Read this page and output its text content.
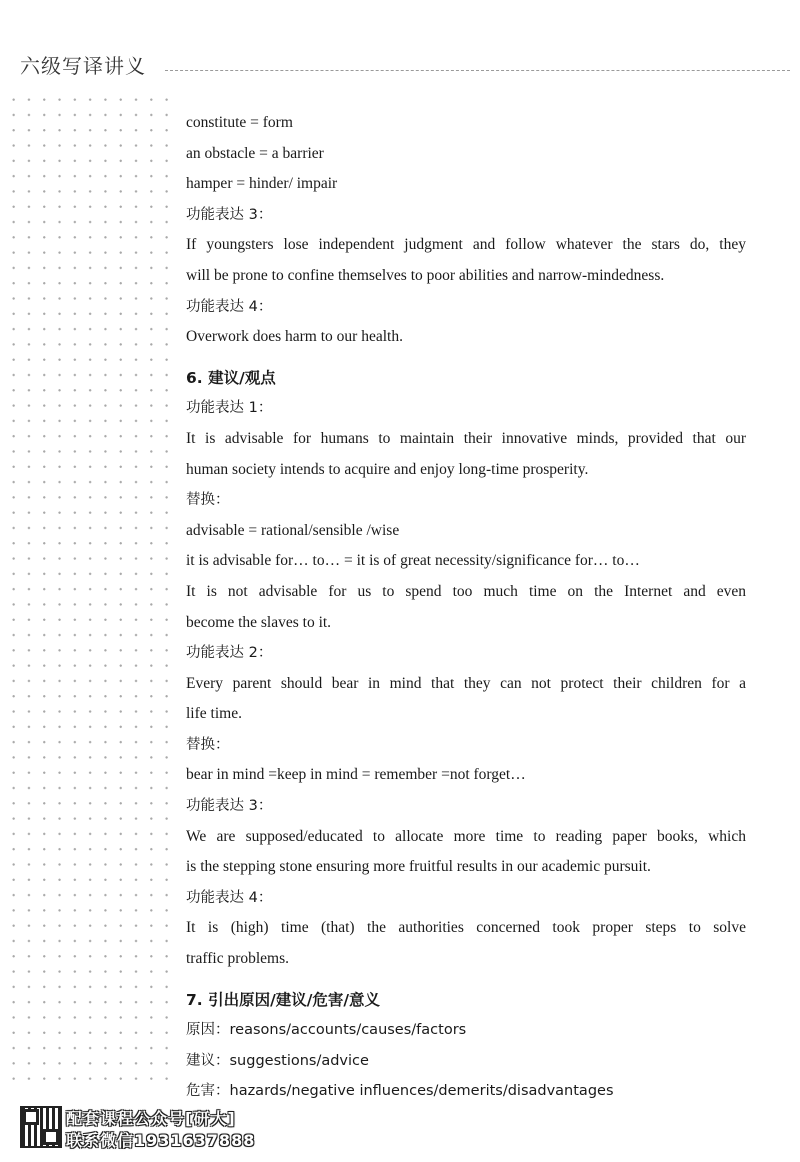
六级写译讲义
constitute = form
an obstacle = a barrier
hamper = hinder/ impair
功能表达 3：
If youngsters lose independent judgment and follow whatever the stars do, they
will be prone to confine themselves to poor abilities and narrow-mindedness.
功能表达 4：
Overwork does harm to our health.
6. 建议/观点
功能表达 1：
It is advisable for humans to maintain their innovative minds, provided that our
human society intends to acquire and enjoy long-time prosperity.
替换：
advisable = rational/sensible /wise
it is advisable for… to… = it is of great necessity/significance for… to…
It is not advisable for us to spend too much time on the Internet and even
become the slaves to it.
功能表达 2：
Every parent should bear in mind that they can not protect their children for a
life time.
替换：
bear in mind =keep in mind = remember =not forget…
功能表达 3：
We are supposed/educated to allocate more time to reading paper books, which
is the stepping stone ensuring more fruitful results in our academic pursuit.
功能表达 4：
It is (high) time (that) the authorities concerned took proper steps to solve
traffic problems.
7. 引出原因/建议/危害/意义
原因：reasons/accounts/causes/factors
建议：suggestions/advice
危害：hazards/negative influences/demerits/disadvantages
配套课程公众号[研大]
联系微信1931637888
